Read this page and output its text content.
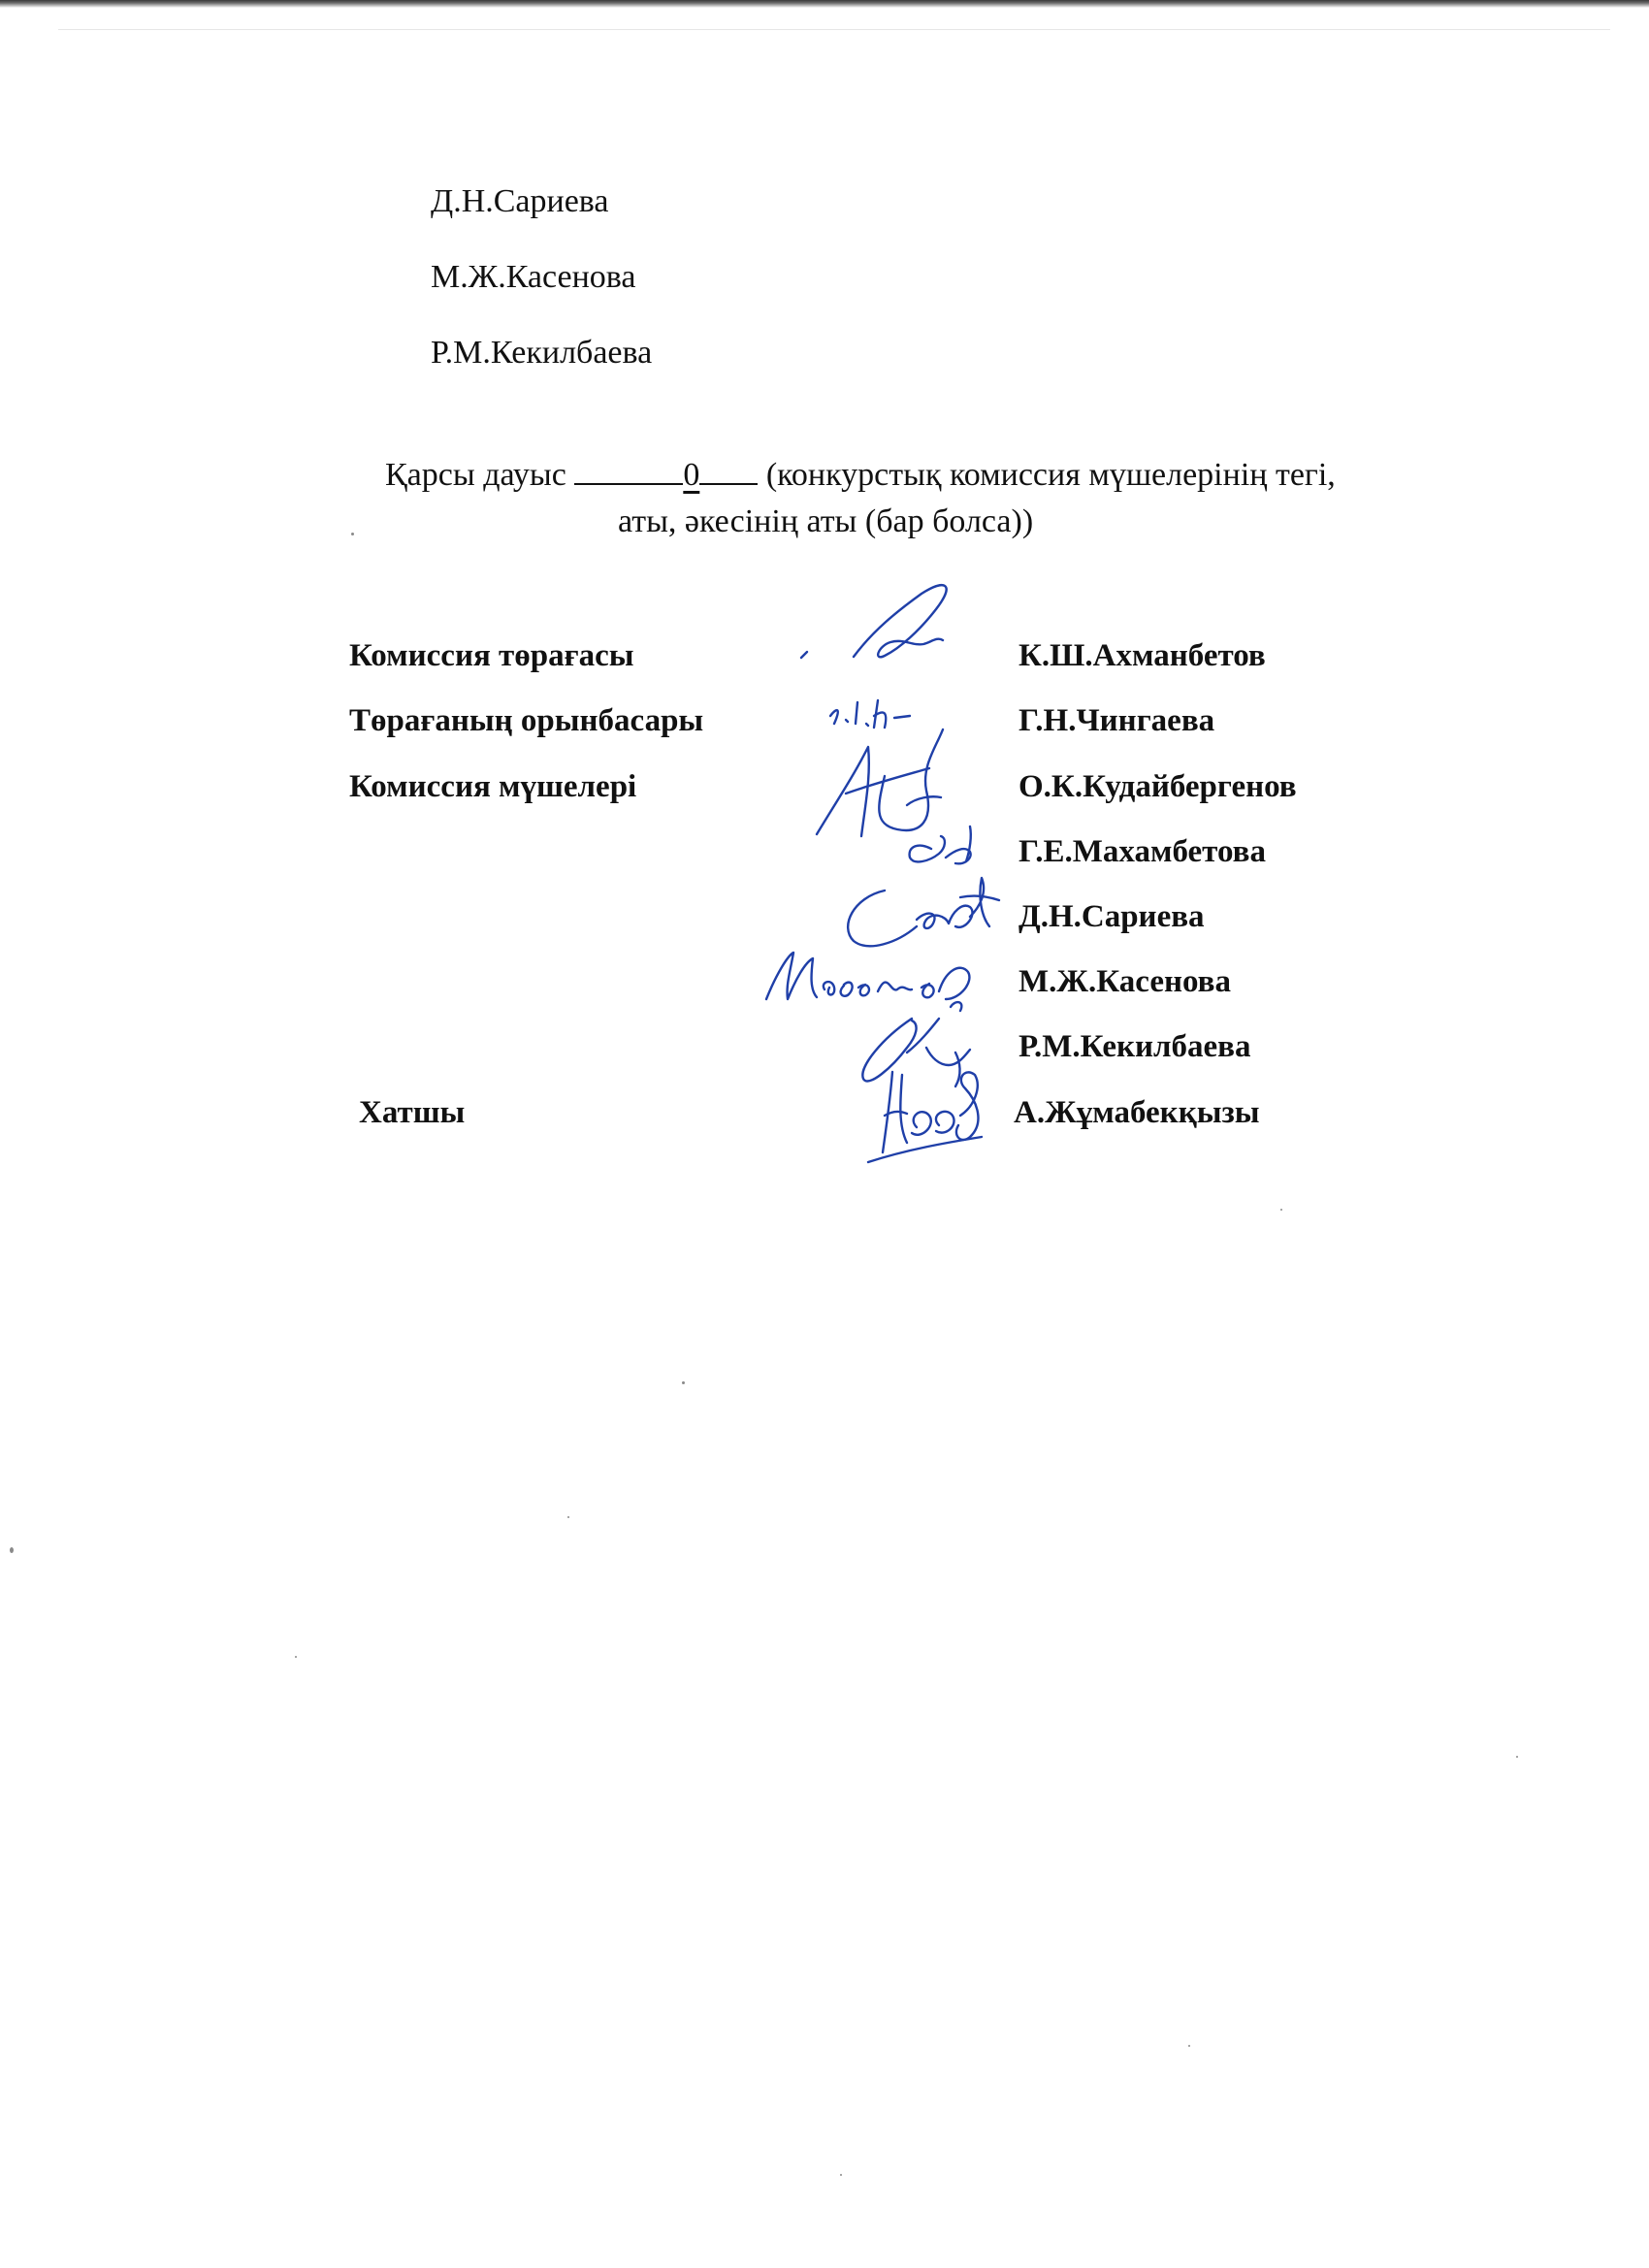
Д.Н.Сариева
М.Ж.Касенова
Р.М.Кекилбаева
Қарсы дауыс	0 (конкурстық комиссия мүшелерінің тегі,
аты, әкесінің аты (бар болса))
Комиссия төрағасы	К.Ш.Ахманбетов
Төрағаның орынбасары	Г.Н.Чингаева
Комиссия мүшелері	О.К.Кудайбергенов
Г.Е.Махамбетова
Д.Н.Сариева
М.Ж.Касенова
Р.М.Кекилбаева
Хатшы	А.Жұмабекқызы
